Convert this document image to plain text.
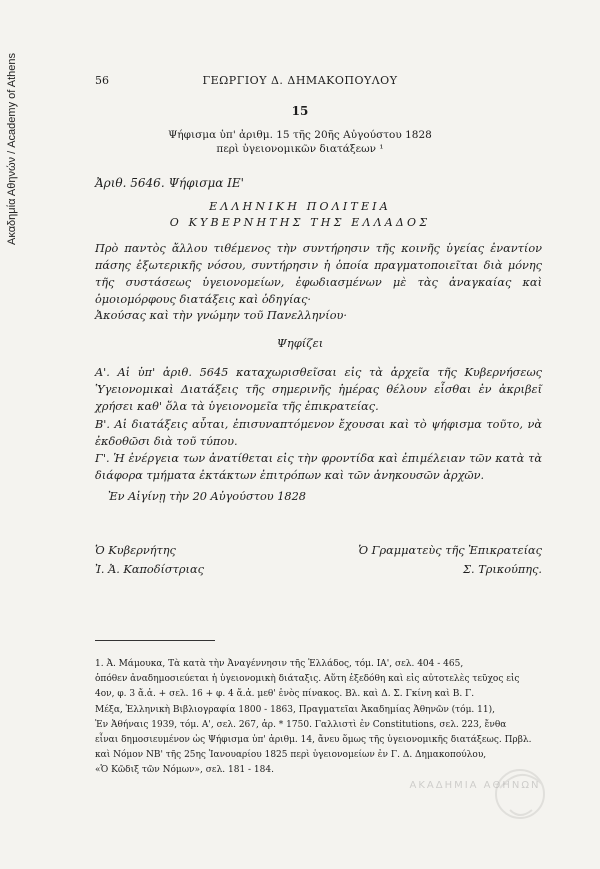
Ακαδημία Αθηνών / Academy of Athens	56	ΓΕΩΡΓΙΟΥ Δ. ΔΗΜΑΚΟΠΟΥΛΟΥ
15
Ψήφισμα ὑπ' ἀριθμ. 15 τῆς 20ῆς Αὐγούστου 1828
περὶ ὑγειονομικῶν διατάξεων ¹
Ἀριθ. 5646. Ψήφισμα ΙΕ'
ΕΛΛΗΝΙΚΗ ΠΟΛΙΤΕΙΑ
Ο ΚΥΒΕΡΝΗΤΗΣ ΤΗΣ ΕΛΛΑΔΟΣ
Πρὸ παντὸς ἄλλου τιθέμενος τὴν συντήρησιν τῆς κοινῆς ὑγείας ἐναντίον πάσης ἐξωτερικῆς νόσου, συντήρησιν ἡ ὁποία πραγματοποιεῖται διὰ μόνης τῆς συστάσεως ὑγειονομείων, ἐφωδιασμένων μὲ τὰς ἀναγκαίας καὶ ὁμοιομόρφους διατάξεις καὶ ὁδηγίας·
Ἀκούσας καὶ τὴν γνώμην τοῦ Πανελληνίου·
Ψηφίζει
Α'. Αἱ ὑπ' ἀριθ. 5645 καταχωρισθεῖσαι εἰς τὰ ἀρχεῖα τῆς Κυβερνήσεως Ὑγειονομικαὶ Διατάξεις τῆς σημερινῆς ἡμέρας θέλουν εἶσθαι ἐν ἀκριβεῖ χρήσει καθ' ὅλα τὰ ὑγειονομεῖα τῆς ἐπικρατείας.
Β'. Αἱ διατάξεις αὗται, ἐπισυναπτόμενον ἔχουσαι καὶ τὸ ψήφισμα τοῦτο, νὰ ἐκδοθῶσι διὰ τοῦ τύπου.
Γ'. Ἡ ἐνέργεια των ἀνατίθεται εἰς τὴν φροντίδα καὶ ἐπιμέλειαν τῶν κατὰ τὰ διάφορα τμήματα ἐκτάκτων ἐπιτρόπων καὶ τῶν ἀνηκουσῶν ἀρχῶν.
Ἐν Αἰγίνῃ τὴν 20 Αὐγούστου 1828
Ὁ Κυβερνήτης
Ἰ. Ἀ. Καποδίστριας
Ὁ Γραμματεὺς τῆς Ἐπικρατείας
Σ. Τρικούπης.
1. Ἀ. Μάμουκα, Τὰ κατὰ τὴν Ἀναγέννησιν τῆς Ἑλλάδος, τόμ. ΙΑ', σελ. 404 - 465,
ὁπόθεν ἀναδημοσιεύεται ἡ ὑγειονομικὴ διάταξις. Αὕτη ἐξεδόθη καὶ εἰς αὐτοτελὲς τεῦχος εἰς
4ον, φ. 3 ἄ.ἀ. + σελ. 16 + φ. 4 ἄ.ἀ. μεθ' ἑνὸς πίνακος. Βλ. καὶ Δ. Σ. Γκίνη καὶ Β. Γ.
Μέξα, Ἑλληνικὴ Βιβλιογραφία 1800 - 1863, Πραγματεῖαι Ἀκαδημίας Ἀθηνῶν (τόμ. 11),
Ἐν Ἀθήναις 1939, τόμ. Α', σελ. 267, ἀρ. * 1750. Γαλλιστὶ ἐν Constitutions, σελ. 223, ἔνθα
εἶναι δημοσιευμένον ὡς Ψήφισμα ὑπ' ἀριθμ. 14, ἄνευ ὅμως τῆς ὑγειονομικῆς διατάξεως. Πρβλ.
καὶ Νόμον ΝΒ' τῆς 25ης Ἰανουαρίου 1825 περὶ ὑγειονομείων ἐν Γ. Δ. Δημακοπούλου,
«Ὁ Κῶδιξ τῶν Νόμων», σελ. 181 - 184.
ΑΚΑΔΗΜΙΑ ΑΘΗΝΩΝ
